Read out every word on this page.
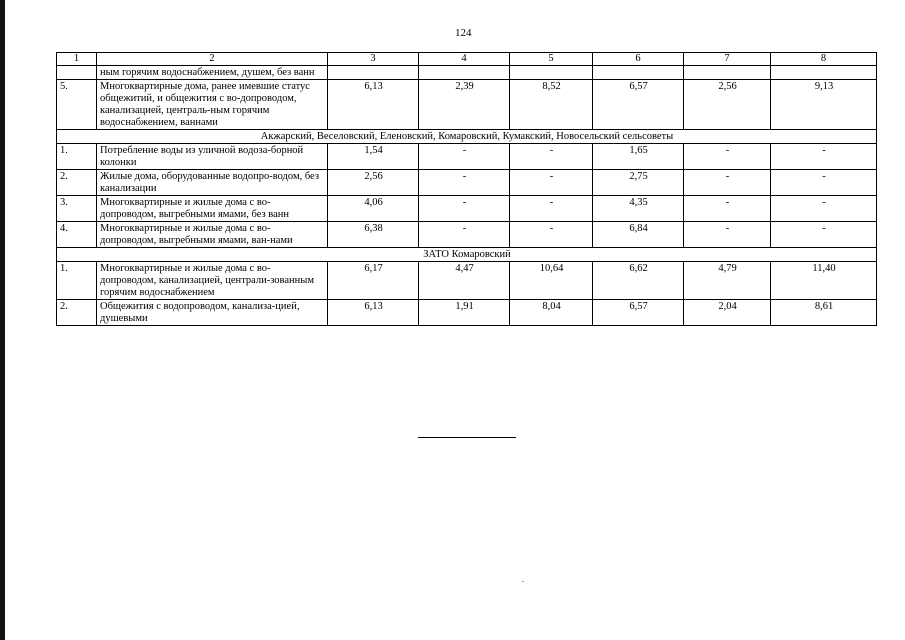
124
1	2	3	4	5	6	7	8
	ным горячим водоснабжением, душем, без ванн						
5.	Многоквартирные дома, ранее имевшие статус общежитий, и общежития с во-допроводом, канализацией, централь-ным горячим водоснабжением, ваннами	6,13	2,39	8,52	6,57	2,56	9,13
Акжарский, Веселовский, Еленовский, Комаровский, Кумакский, Новосельский сельсоветы							
1.	Потребление воды из уличной водоза-борной колонки	1,54	-	-	1,65	-	-
2.	Жилые дома, оборудованные водопро-водом, без канализации	2,56	-	-	2,75	-	-
3.	Многоквартирные и жилые дома с во-допроводом, выгребными ямами, без ванн	4,06	-	-	4,35	-	-
4.	Многоквартирные и жилые дома с во-допроводом, выгребными ямами, ван-нами	6,38	-	-	6,84	-	-
ЗАТО Комаровский							
1.	Многоквартирные и жилые дома с во-допроводом, канализацией, централи-зованным горячим водоснабжением	6,17	4,47	10,64	6,62	4,79	11,40
2.	Общежития с водопроводом, канализа-цией, душевыми	6,13	1,91	8,04	6,57	2,04	8,61
